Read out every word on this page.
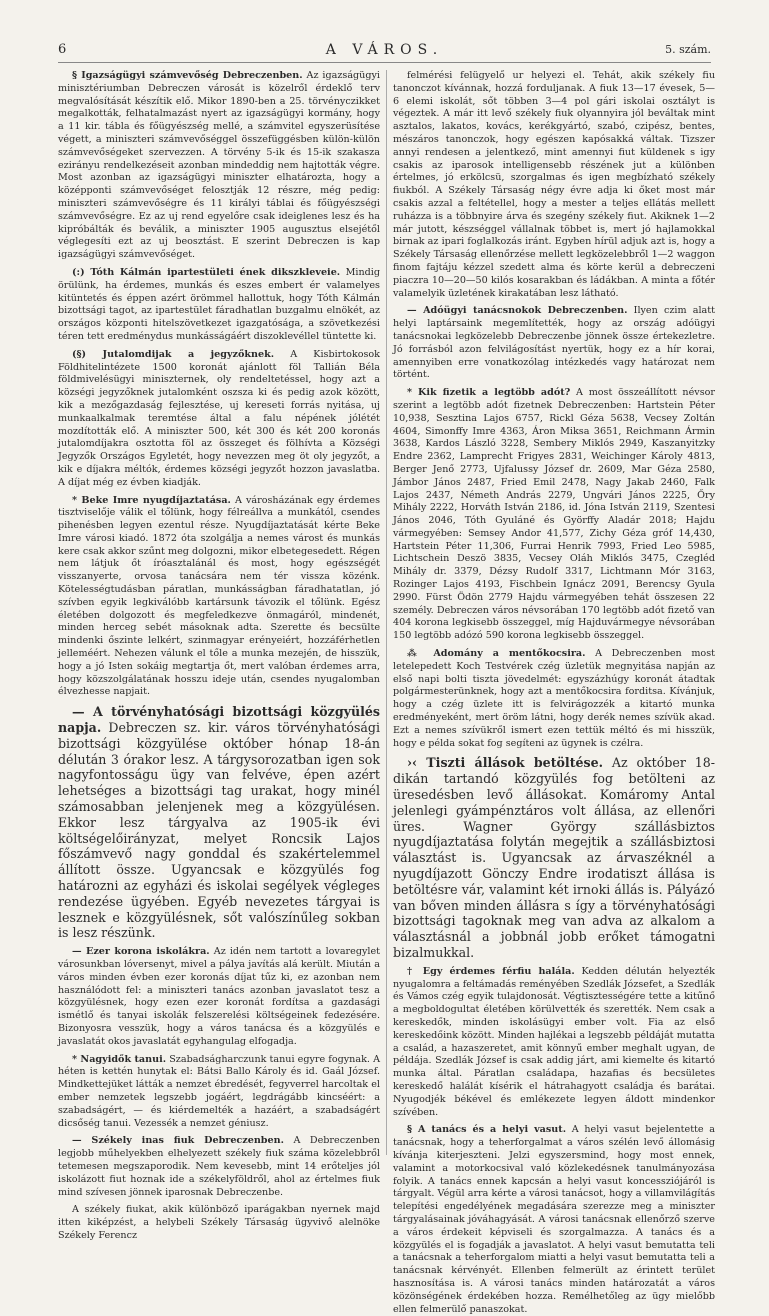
6	A VÁROS.	5. szám.

§ Igazságügyi számvevőség Debreczenben. Az igazságügyi minisztériumban Debreczen városát is közelről érdeklő terv megvalósítását készítik elő. Mikor 1890-ben a 25. törvényczikket megalkották, felhatalmazást nyert az igazságügyi kormány, hogy a 11 kir. tábla és főügyészség mellé, a számvitel egyszerüsítése végett, a miniszteri számvevőséggel összefüggésben külön-külön számvevőségeket szervezzen. A törvény 5-ik és 15-ik szakasza ezirányu rendelkezéseit azonban mindeddig nem hajtották végre. Most azonban az igazságügyi miniszter elhatározta, hogy a középponti számvevőséget felosztják 12 részre, még pedig: miniszteri számvevőségre és 11 királyi táblai és főügyészségi számvevőségre. Ez az uj rend egyelőre csak ideiglenes lesz és ha kipróbálták és beválik, a miniszter 1905 augusztus elsejétől véglegesíti ezt az uj beosztást. E szerint Debreczen is kap igazságügyi számvevőséget.

(:) Tóth Kálmán ipartestületi ének dikszkleveie. Mindig örülünk, ha érdemes, munkás és eszes embert ér valamelyes kitüntetés és éppen azért örömmel hallottuk, hogy Tóth Kálmán bizottsági tagot, az ipartestület fáradhatlan buzgalmu elnökét, az országos központi hitelszövetkezet igazgatósága, a szövetkezési téren tett eredménydus munkásságáért diszoklevéllel tüntette ki.

(§) Jutalomdijak a jegyzőknek. A Kisbirtokosok Földhitelintézete 1500 koronát ajánlott föl Tallián Béla földmivelésügyi miniszternek, oly rendeltetéssel, hogy azt a községi jegyzőknek jutalomként oszsza ki és pedig azok között, kik a mezőgazdaság fejlesztése, uj kereseti forrás nyitása, uj munkaalkalmak teremtése által a falu népének jólétét mozdították elő. A miniszter 500, két 300 és két 200 koronás jutalomdíjakra osztotta föl az összeget és fölhívta a Községi Jegyzők Országos Egyletét, hogy nevezzen meg öt oly jegyzőt, a kik e díjakra méltók, érdemes községi jegyzőt hozzon javaslatba. A díjat még ez évben kiadják.

* Beke Imre nyugdíjaztatása. A városházának egy érdemes tisztviselője válik el tőlünk, hogy félreállva a munkától, csendes pihenésben legyen ezentul része. Nyugdíjaztatását kérte Beke Imre városi kiadó. 1872 óta szolgálja a nemes várost és munkás kere csak akkor szűnt meg dolgozni, mikor elbetegesedett. Régen nem látjuk őt íróasztalánál és most, hogy egészségét visszanyerte, orvosa tanácsára nem tér vissza közénk. Kötelességtudásban páratlan, munkásságban fáradhatatlan, jó szívben egyik legkiválóbb kartársunk távozik el tőlünk. Egész életében dolgozott és megfeledkezve önmagáról, mindenét, minden herceg sebét másoknak adta. Szerette és becsülte mindenki őszinte lelkért, szinmagyar erényeiért, hozzáférhetlen jelleméért. Nehezen válunk el tőle a munka mezején, de hisszük, hogy a jó Isten sokáig megtartja őt, mert valóban érdemes arra, hogy közszolgálatának hosszu ideje után, csendes nyugalomban élvezhesse napjait.

— A törvényhatósági bizottsági közgyülés napja. Debreczen sz. kir. város törvényhatósági bizottsági közgyülése október hónap 18-án délután 3 órakor lesz. A tárgysorozatban igen sok nagyfontosságu ügy van felvéve, épen azért lehetséges a bizottsági tag urakat, hogy minél számosabban jelenjenek meg a közgyülésen. Ekkor lesz tárgyalva az 1905-ik évi költségelőirányzat, melyet Roncsik Lajos főszámvevő nagy gonddal és szakértelemmel állított össze. Ugyancsak e közgyülés fog határozni az egyházi és iskolai segélyek végleges rendezése ügyében. Egyéb nevezetes tárgyai is lesznek e közgyülésnek, sőt valószínűleg sokban is lesz részünk.

— Ezer korona iskolákra. Az idén nem tartott a lovaregylet városunkban lóversenyt, mivel a pálya javítás alá került. Miután a város minden évben ezer koronás díjat tűz ki, ez azonban nem használódott fel: a miniszteri tanács azonban javaslatot tesz a közgyülésnek, hogy ezen ezer koronát fordítsa a gazdasági ismétlő és tanyai iskolák felszerelési költségeinek fedezésére. Bizonyosra vesszük, hogy a város tanácsa és a közgyülés e javaslatát okos javaslatát egyhangulag elfogadja.

* Nagyidők tanui. Szabadságharczunk tanui egyre fogynak. A héten is kettén hunytak el: Bátsi Ballo Károly és id. Gaál József. Mindkettejüket látták a nemzet ébredését, fegyverrel harcoltak el ember nemzetek legszebb jogáért, legdrágább kincséért: a szabadságért, — és kiérdemelték a hazáért, a szabadságért dicsőség tanui. Vezessék a nemzet géniusz.

— Székely inas fiuk Debreczenben. A Debreczenben legjobb műhelyekben elhelyezett székely fiuk száma közelebbről tetemesen megszaporodik. Nem kevesebb, mint 14 erőteljes jól iskolázott fiut hoznak ide a székelyföldről, ahol az értelmes fiuk mind szívesen jönnek iparosnak Debreczenbe.

A székely fiukat, akik különböző iparágakban nyernek majd itten kiképzést, a helybeli Székely Társaság ügyvivő alelnöke Székely Ferencz

felmérési felügyelő ur helyezi el. Tehát, akik székely fiu tanonczot kívánnak, hozzá forduljanak. A fiuk 13—17 évesek, 5—6 elemi iskolát, sőt többen 3—4 pol gári iskolai osztályt is végeztek. A már itt levő székely fiuk olyannyira jól beváltak mint asztalos, lakatos, kovács, kerékgyártó, szabó, czipész, bentes, mészáros tanonczok, hogy egészen kapósakká váltak. Tizszer annyi rendesen a jelentkező, mint amennyi fiut küldenek s igy csakis az iparosok intelligensebb részének jut a különben értelmes, jó erkölcsü, szorgalmas és igen megbízható székely fiukból. A Székely Társaság négy évre adja ki őket most már csakis azzal a feltétellel, hogy a mester a teljes ellátás mellett ruházza is a többnyire árva és szegény székely fiut. Akiknek 1—2 már jutott, készséggel vállalnak többet is, mert jó hajlamokkal birnak az ipari foglalkozás iránt. Egyben hírül adjuk azt is, hogy a Székely Társaság ellenőrzése mellett legközelebbről 1—2 waggon finom fajtáju kézzel szedett alma és körte kerül a debreczeni piaczra 10—20—50 kilós kosarakban és ládákban. A minta a főtér valamelyik üzletének kirakatában lesz látható.

— Adóügyi tanácsnokok Debreczenben. Ilyen czim alatt helyi laptársaink megemlítették, hogy az ország adóügyi tanácsnokai legközelebb Debreczenbe jönnek össze értekezletre. Jó forrásból azon felvilágosítást nyertük, hogy ez a hír korai, amennyiben erre vonatkozólag intézkedés vagy határozat nem történt.

* Kik fizetik a legtöbb adót? A most összeállított névsor szerint a legtöbb adót fizetnek Debreczenben: Hartstein Péter 10,938, Sesztina Lajos 6757, Rickl Géza 5638, Vecsey Zoltán 4604, Simonffy Imre 4363, Áron Miksa 3651, Reichmann Ármin 3638, Kardos László 3228, Sembery Miklós 2949, Kaszanyitzky Endre 2362, Lamprecht Frigyes 2831, Weichinger Károly 4813, Berger Jenő 2773, Ujfalussy József dr. 2609, Mar Géza 2580, Jámbor János 2487, Fried Emil 2478, Nagy Jakab 2460, Falk Lajos 2437, Németh András 2279, Ungvári János 2225, Őry Mihály 2222, Horváth István 2186, id. Jóna István 2119, Szentesi János 2046, Tóth Gyuláné és Györffy Aladár 2018; Hajdu vármegyében: Semsey Andor 41,577, Zichy Géza gróf 14,430, Hartstein Péter 11,306, Furrai Henrik 7993, Fried Leo 5985, Lichtschein Deszö 3835, Vecsey Oláh Miklós 3475, Czegléd Mihály dr. 3379, Dézsy Rudolf 3317, Lichtmann Mór 3163, Rozinger Lajos 4193, Fischbein Ignácz 2091, Berencsy Gyula 2990. Fürst Ödön 2779 Hajdu vármegyében tehát összesen 22 személy. Debreczen város névsorában 170 legtöbb adót fizető van 404 korona legkisebb összeggel, míg Hajduvármegye névsorában 150 legtöbb adózó 590 korona legkisebb összeggel.

⁂ Adomány a mentőkocsira. A Debreczenben most letelepedett Koch Testvérek czég üzletük megnyitása napján az első napi bolti tiszta jövedelmét: egyszázhúgy koronát átadtak polgármesterünknek, hogy azt a mentőkocsira forditsa. Kívánjuk, hogy a czég üzlete itt is felvirágozzék a kitartó munka eredményeként, mert öröm látni, hogy derék nemes szívük akad. Ezt a nemes szívükről ismert ezen tettük méltó és mi hisszük, hogy e példa sokat fog segíteni az ügynek is czélra.

›‹ Tiszti állások betöltése. Az október 18-dikán tartandó közgyülés fog betölteni az üresedésben levő állásokat. Komáromy Antal jelenlegi gyámpénztáros volt állása, az ellenőri üres. Wagner György szállásbiztos nyugdíjaztatása folytán megejtik a szállásbiztosi választást is. Ugyancsak az árvaszéknél a nyugdíjazott Gönczy Endre irodatiszt állása is betöltésre vár, valamint két irnoki állás is. Pályázó van bőven minden állásra s így a törvényhatósági bizottsági tagoknak meg van adva az alkalom a választásnál a jobbnál jobb erőket támogatni bizalmukkal.

† Egy érdemes férfiu halála. Kedden délután helyezték nyugalomra a feltámadás reményében Szedlák Józsefet, a Szedlák és Vámos czég egyik tulajdonosát. Végtisztességére tette a kitűnő a megboldogultat életében körülvették és szerették. Nem csak a kereskedők, minden iskolásügyi ember volt. Fia az első kereskedőink között. Minden hajlékai a legszebb példáját mutatta a család, a hazaszeretet, amit könnyű ember meghalt ugyan, de példája. Szedlák József is csak addig járt, ami kiemelte és kitartó munka által. Páratlan családapa, hazafias és becsületes kereskedő halálát kísérik el hátrahagyott családja és barátai. Nyugodjék békével és emlékezete legyen áldott mindenkor szívében.

§ A tanács és a helyi vasut. A helyi vasut bejelentette a tanácsnak, hogy a teherforgalmat a város szélén levő állomásig kívánja kiterjeszteni. Jelzi egyszersmind, hogy most ennek, valamint a motorkocsival való közlekedésnek tanulmányozása folyik. A tanács ennek kapcsán a helyi vasut koncessziójáról is tárgyalt. Végül arra kérte a városi tanácsot, hogy a villamvilágítás telepítési engedélyének megadására szerezze meg a miniszter tárgyalásainak jóváhagyását. A városi tanácsnak ellenőrző szerve a város érdekeit képviseli és szorgalmazza. A tanács és a közgyülés el is fogadják a javaslatot. A helyi vasut bemutatta teli a tanácsnak a teherforgalom miatti a helyi vasut bemutatta teli a tanácsnak kérvényét. Ellenben felmerült az érintett terület hasznosítása is. A városi tanács minden határozatát a város közönségének érdekében hozza. Remélhetőleg az ügy mielőbb ellen felmerülő panaszokat.
